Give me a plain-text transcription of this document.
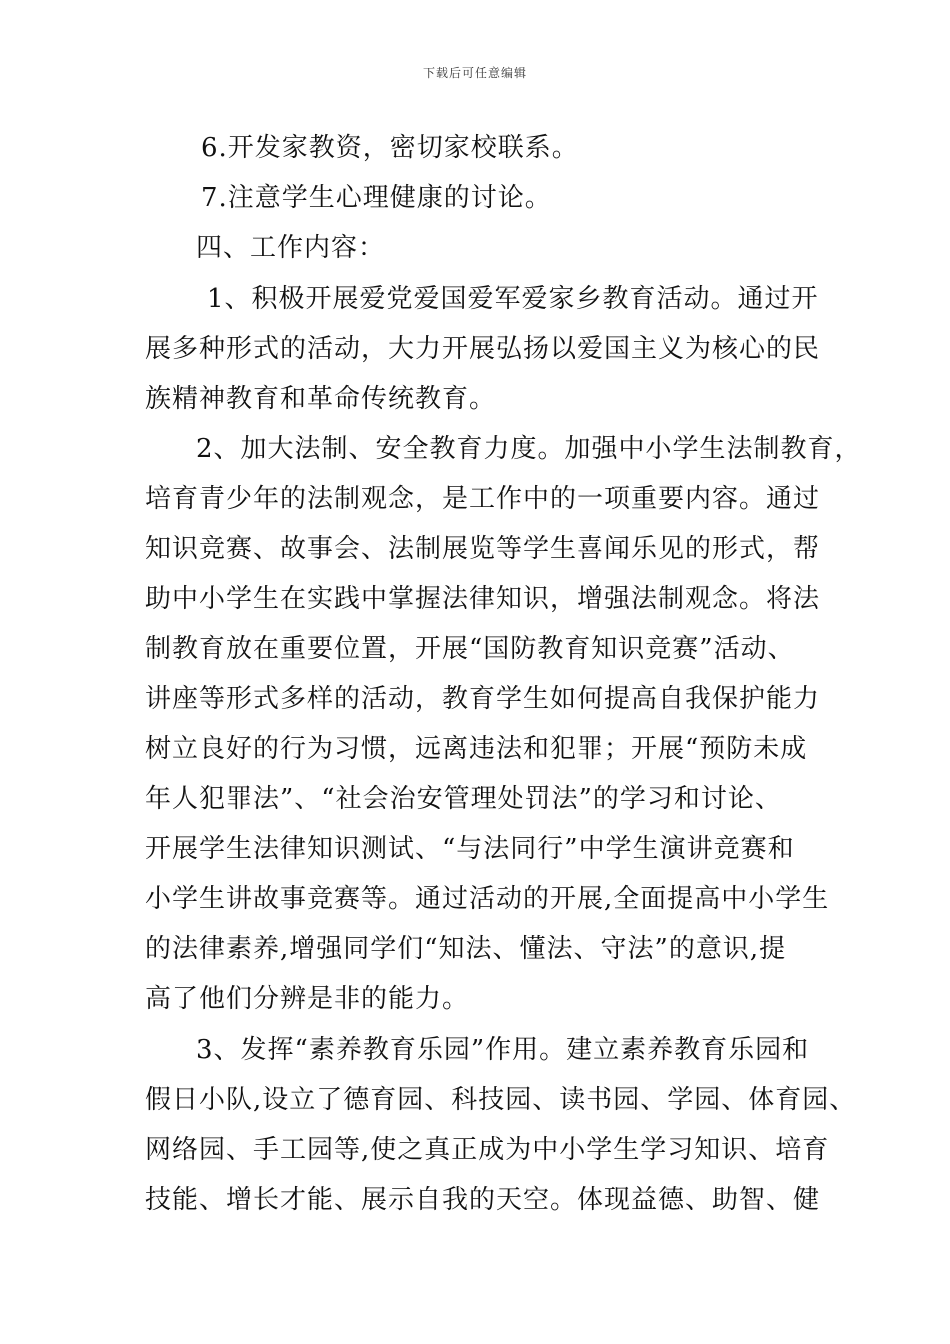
下载后可任意编辑
6.开发家教资，密切家校联系。
7.注意学生心理健康的讨论。
四、工作内容：
1、积极开展爱党爱国爱军爱家乡教育活动。通过开
展多种形式的活动，大力开展弘扬以爱国主义为核心的民
族精神教育和革命传统教育。
2、加大法制、安全教育力度。加强中小学生法制教育，
培育青少年的法制观念，是工作中的一项重要内容。通过
知识竞赛、故事会、法制展览等学生喜闻乐见的形式，帮
助中小学生在实践中掌握法律知识，增强法制观念。将法
制教育放在重要位置，开展“国防教育知识竞赛”活动、
讲座等形式多样的活动，教育学生如何提高自我保护能力
树立良好的行为习惯，远离违法和犯罪；开展“预防未成
年人犯罪法”、“社会治安管理处罚法”的学习和讨论、
开展学生法律知识测试、“与法同行”中学生演讲竞赛和
小学生讲故事竞赛等。通过活动的开展,全面提高中小学生
的法律素养,增强同学们“知法、懂法、守法”的意识,提
高了他们分辨是非的能力。
3、发挥“素养教育乐园”作用。建立素养教育乐园和
假日小队,设立了德育园、科技园、读书园、学园、体育园、
网络园、手工园等,使之真正成为中小学生学习知识、培育
技能、增长才能、展示自我的天空。体现益德、助智、健
